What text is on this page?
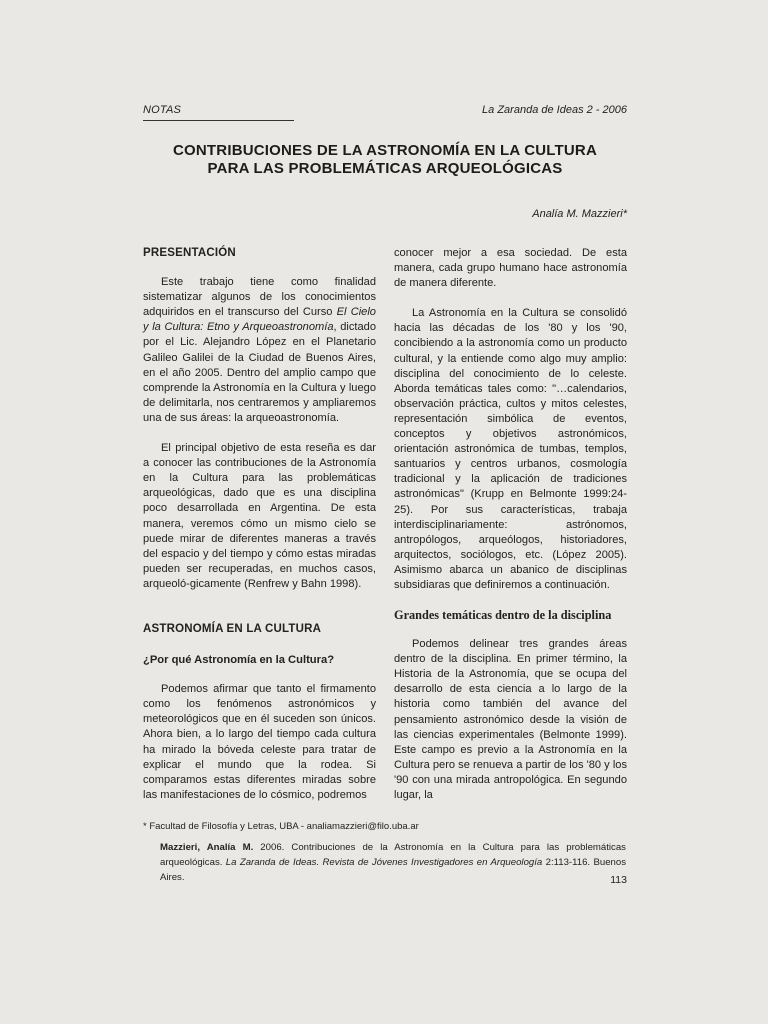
NOTAS	La Zaranda de Ideas 2 - 2006
CONTRIBUCIONES DE LA ASTRONOMÍA EN LA CULTURA
PARA LAS PROBLEMÁTICAS ARQUEOLÓGICAS
Analía M. Mazzieri*
PRESENTACIÓN

Este trabajo tiene como finalidad sistematizar algunos de los conocimientos adquiridos en el transcurso del Curso El Cielo y la Cultura: Etno y Arqueoastronomía, dictado por el Lic. Alejandro López en el Planetario Galileo Galilei de la Ciudad de Buenos Aires, en el año 2005. Dentro del amplio campo que comprende la Astronomía en la Cultura y luego de delimitarla, nos centraremos y ampliaremos una de sus áreas: la arqueoastronomía.

El principal objetivo de esta reseña es dar a conocer las contribuciones de la Astronomía en la Cultura para las problemáticas arqueológicas, dado que es una disciplina poco desarrollada en Argentina. De esta manera, veremos cómo un mismo cielo se puede mirar de diferentes maneras a través del espacio y del tiempo y cómo estas miradas pueden ser recuperadas, en muchos casos, arqueoló-gicamente (Renfrew y Bahn 1998).

ASTRONOMÍA EN LA CULTURA
¿Por qué Astronomía en la Cultura?

Podemos afirmar que tanto el firmamento como los fenómenos astronómicos y meteorológicos que en él suceden son únicos. Ahora bien, a lo largo del tiempo cada cultura ha mirado la bóveda celeste para tratar de explicar el mundo que la rodea. Si comparamos estas diferentes miradas sobre las manifestaciones de lo cósmico, podremos

conocer mejor a esa sociedad. De esta manera, cada grupo humano hace astronomía de manera diferente.

La Astronomía en la Cultura se consolidó hacia las décadas de los '80 y los '90, concibiendo a la astronomía como un producto cultural, y la entiende como algo muy amplio: disciplina del conocimiento de lo celeste. Aborda temáticas tales como: "…calendarios, observación práctica, cultos y mitos celestes, representación simbólica de eventos, conceptos y objetivos astronómicos, orientación astronómica de tumbas, templos, santuarios y centros urbanos, cosmología tradicional y la aplicación de tradiciones astronómicas" (Krupp en Belmonte 1999:24-25). Por sus características, trabaja interdisciplinariamente: astrónomos, antropólogos, arqueólogos, historiadores, arquitectos, sociólogos, etc. (López 2005). Asimismo abarca un abanico de disciplinas subsidiaras que definiremos a continuación.

Grandes temáticas dentro de la disciplina

Podemos delinear tres grandes áreas dentro de la disciplina. En primer término, la Historia de la Astronomía, que se ocupa del desarrollo de esta ciencia a lo largo de la historia como también del avance del pensamiento astronómico desde la visión de las ciencias experimentales (Belmonte 1999). Este campo es previo a la Astronomía en la Cultura pero se renueva a partir de los '80 y los '90 con una mirada antropológica. En segundo lugar, la

* Facultad de Filosofía y Letras, UBA - analiamazzieri@filo.uba.ar
Mazzieri, Analía M. 2006. Contribuciones de la Astronomía en la Cultura para las problemáticas arqueológicas. La Zaranda de Ideas. Revista de Jóvenes Investigadores en Arqueología 2:113-116. Buenos Aires.	113
